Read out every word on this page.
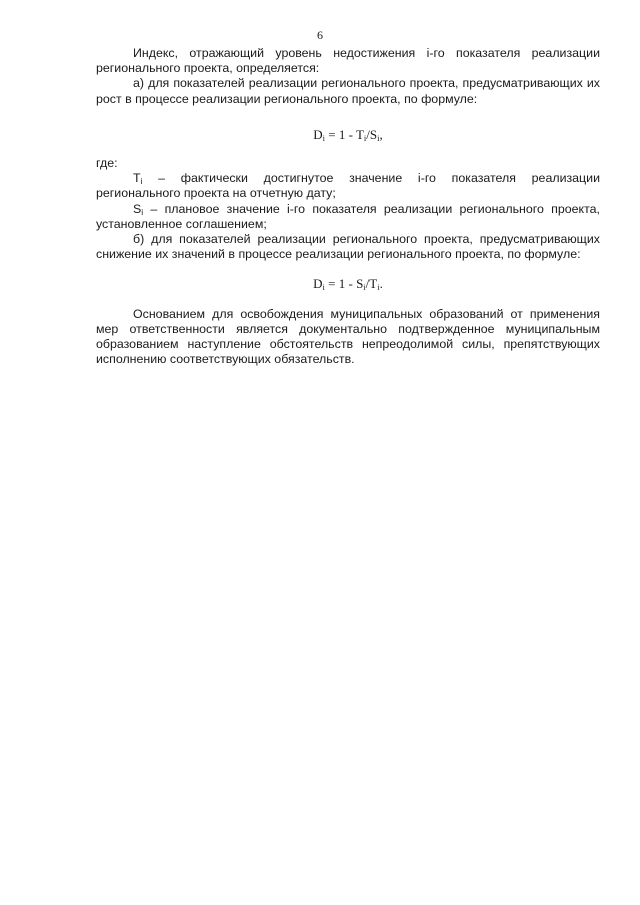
6

Индекс, отражающий уровень недостижения i-го показателя реализации регионального проекта, определяется:

а) для показателей реализации регионального проекта, предусматривающих их рост в процессе реализации регионального проекта, по формуле:

$D_i = 1 - T_i/S_i$,

где:

$T_i$ – фактически достигнутое значение i-го показателя реализации регионального проекта на отчетную дату;

$S_i$ – плановое значение i-го показателя реализации регионального проекта, установленное соглашением;

б) для показателей реализации регионального проекта, предусматривающих снижение их значений в процессе реализации регионального проекта, по формуле:

$D_i = 1 - S_i/T_i$.

Основанием для освобождения муниципальных образований от применения мер ответственности является документально подтвержденное муниципальным образованием наступление обстоятельств непреодолимой силы, препятствующих исполнению соответствующих обязательств.
